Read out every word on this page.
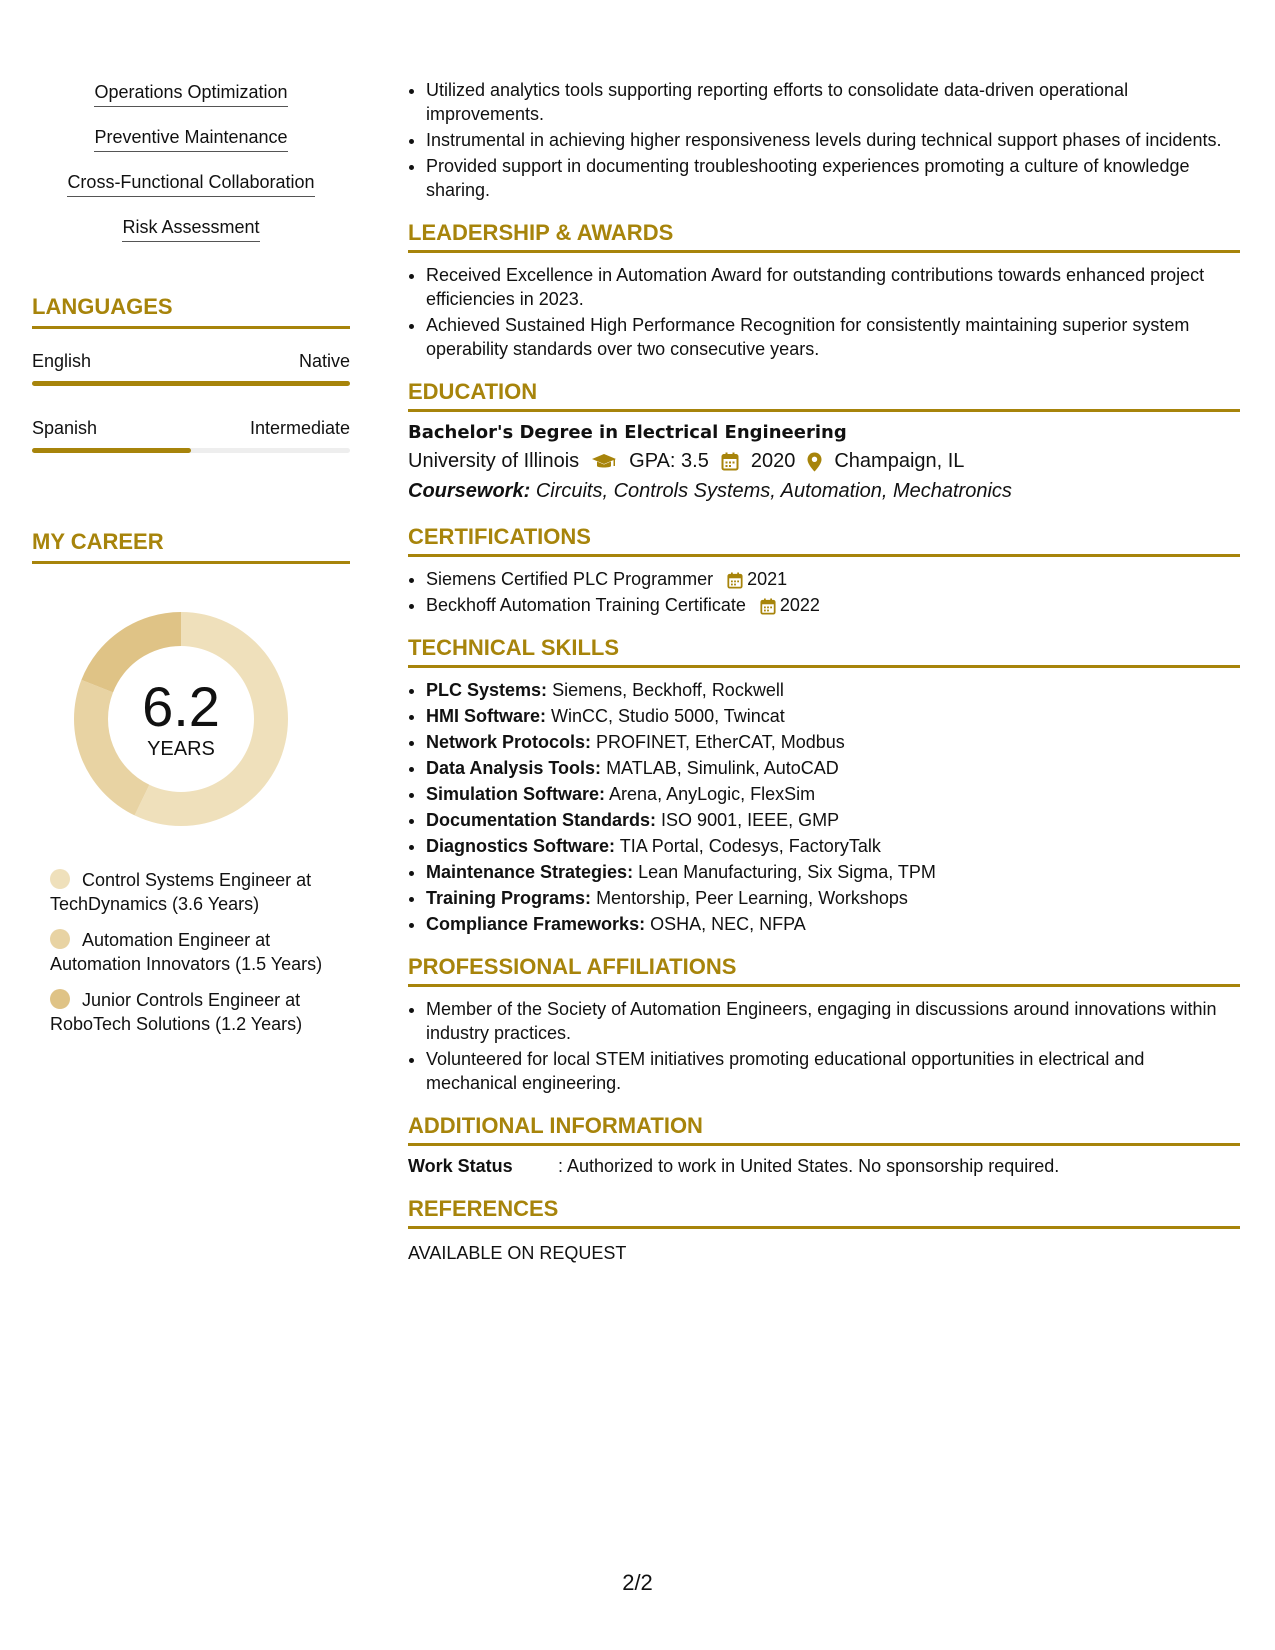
Operations Optimization
Preventive Maintenance
Cross-Functional Collaboration
Risk Assessment
LANGUAGES
English	Native
Spanish	Intermediate
MY CAREER
6.2
YEARS
Control Systems Engineer at TechDynamics (3.6 Years)
Automation Engineer at Automation Innovators (1.5 Years)
Junior Controls Engineer at RoboTech Solutions (1.2 Years)
• Utilized analytics tools supporting reporting efforts to consolidate data-driven operational improvements.
• Instrumental in achieving higher responsiveness levels during technical support phases of incidents.
• Provided support in documenting troubleshooting experiences promoting a culture of knowledge sharing.
LEADERSHIP & AWARDS
• Received Excellence in Automation Award for outstanding contributions towards enhanced project efficiencies in 2023.
• Achieved Sustained High Performance Recognition for consistently maintaining superior system operability standards over two consecutive years.
EDUCATION
Bachelor's Degree in Electrical Engineering
University of Illinois	GPA: 3.5 2020 Champaign, IL
Coursework: Circuits, Controls Systems, Automation, Mechatronics
CERTIFICATIONS
• Siemens Certified PLC Programmer 2021
• Beckhoff Automation Training Certificate 2022
TECHNICAL SKILLS
• PLC Systems: Siemens, Beckhoff, Rockwell
• HMI Software: WinCC, Studio 5000, Twincat
• Network Protocols: PROFINET, EtherCAT, Modbus
• Data Analysis Tools: MATLAB, Simulink, AutoCAD
• Simulation Software: Arena, AnyLogic, FlexSim
• Documentation Standards: ISO 9001, IEEE, GMP
• Diagnostics Software: TIA Portal, Codesys, FactoryTalk
• Maintenance Strategies: Lean Manufacturing, Six Sigma, TPM
• Training Programs: Mentorship, Peer Learning, Workshops
• Compliance Frameworks: OSHA, NEC, NFPA
PROFESSIONAL AFFILIATIONS
• Member of the Society of Automation Engineers, engaging in discussions around innovations within industry practices.
• Volunteered for local STEM initiatives promoting educational opportunities in electrical and mechanical engineering.
ADDITIONAL INFORMATION
Work Status	: Authorized to work in United States. No sponsorship required.
REFERENCES
AVAILABLE ON REQUEST
2/2
